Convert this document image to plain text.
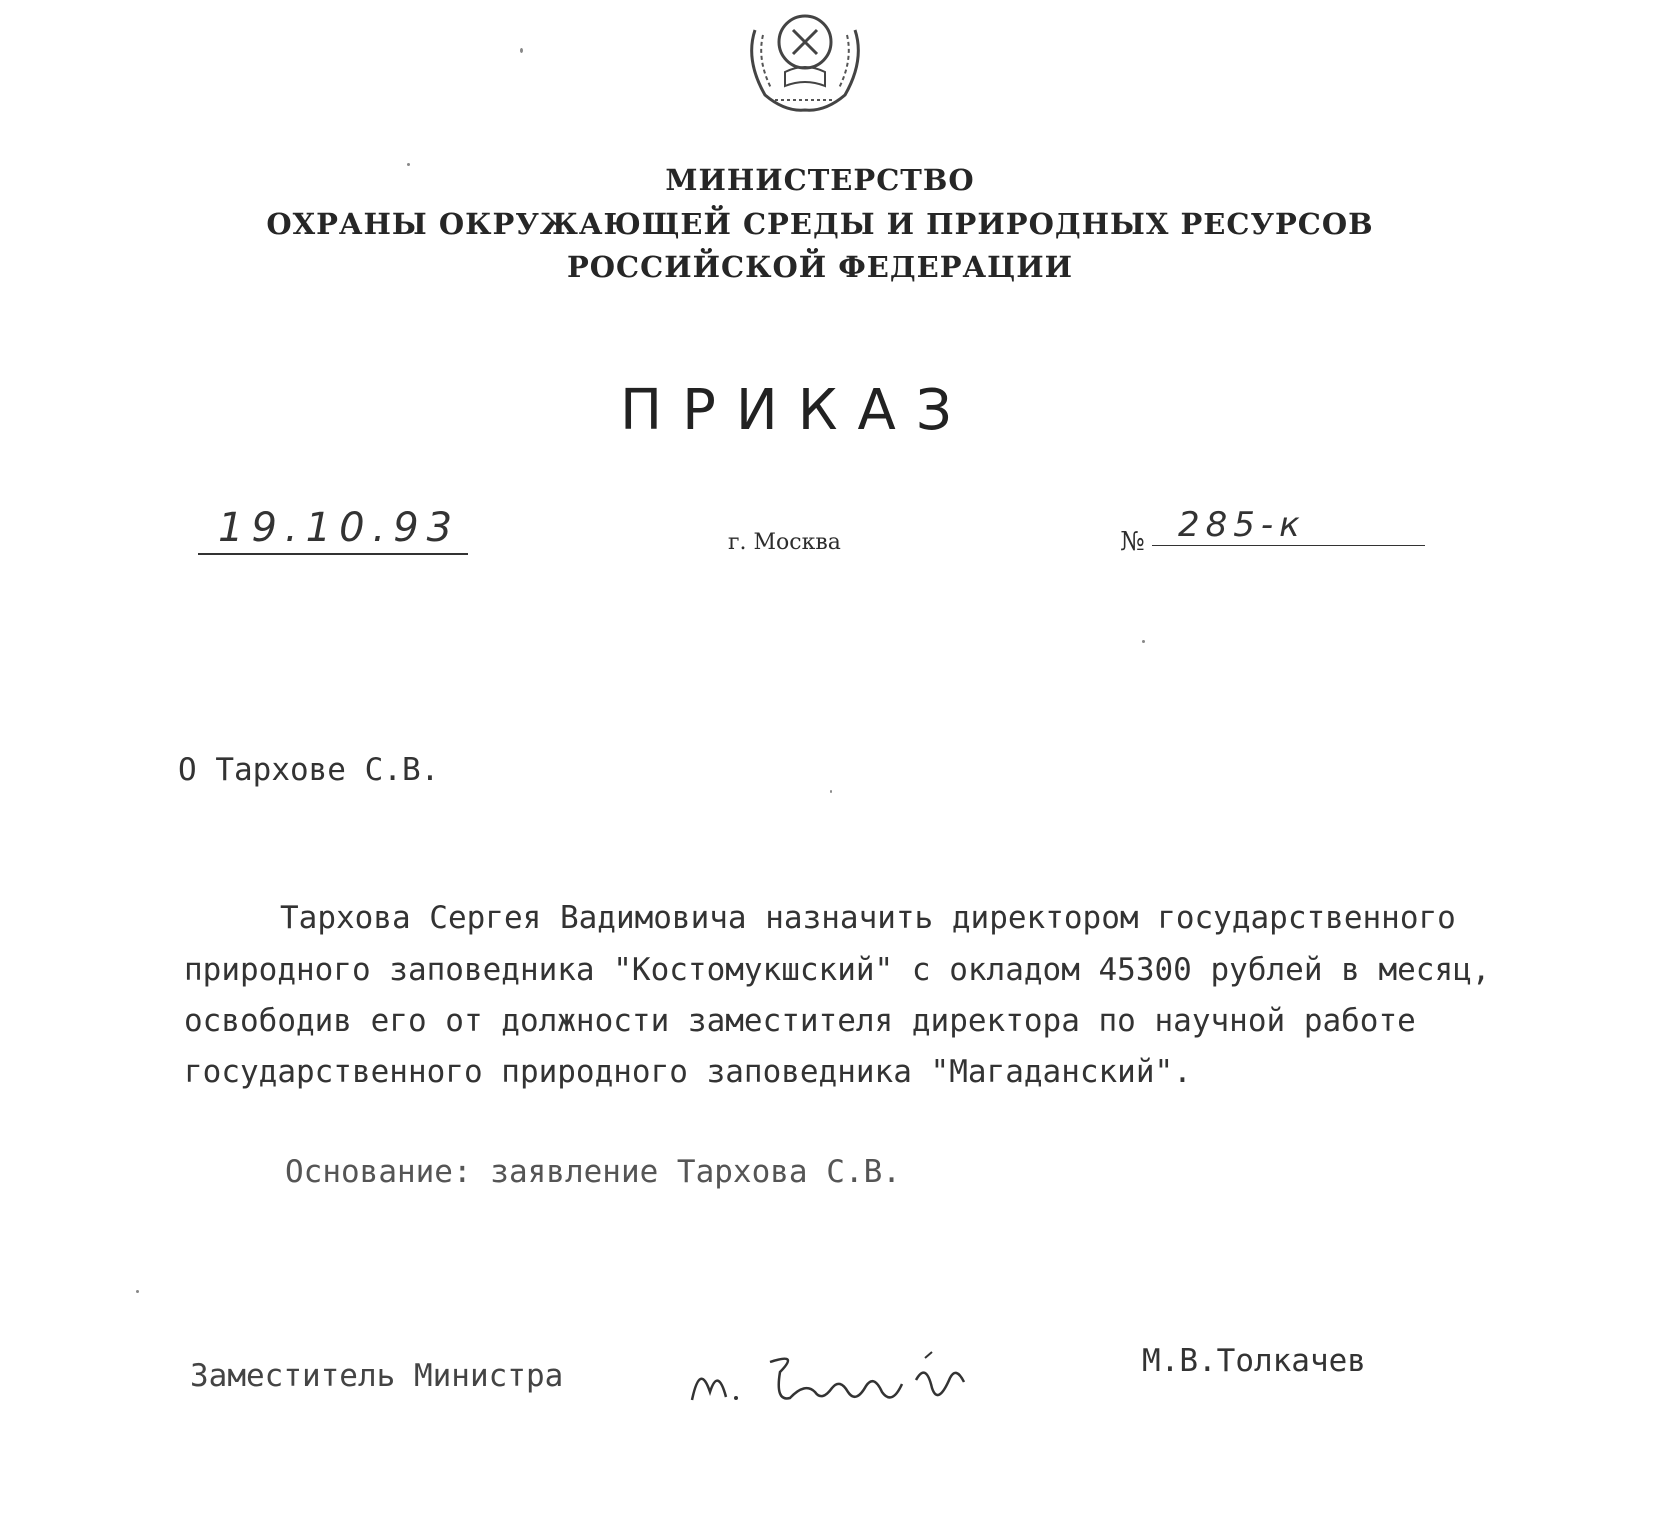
МИНИСТЕРСТВО
ОХРАНЫ ОКРУЖАЮЩЕЙ СРЕДЫ И ПРИРОДНЫХ РЕСУРСОВ
РОССИЙСКОЙ ФЕДЕРАЦИИ
ПРИКАЗ
19.10.93	г. Москва	№ 285-к
О Тархове С.В.
Тархова Сергея Вадимовича назначить директором государственного
природного заповедника "Костомукшский" с окладом 45300 рублей в месяц,
освободив его от должности заместителя директора по научной работе
государственного природного заповедника "Магаданский".
Основание: заявление Тархова С.В.
Заместитель Министра	М.В.Толкачев
